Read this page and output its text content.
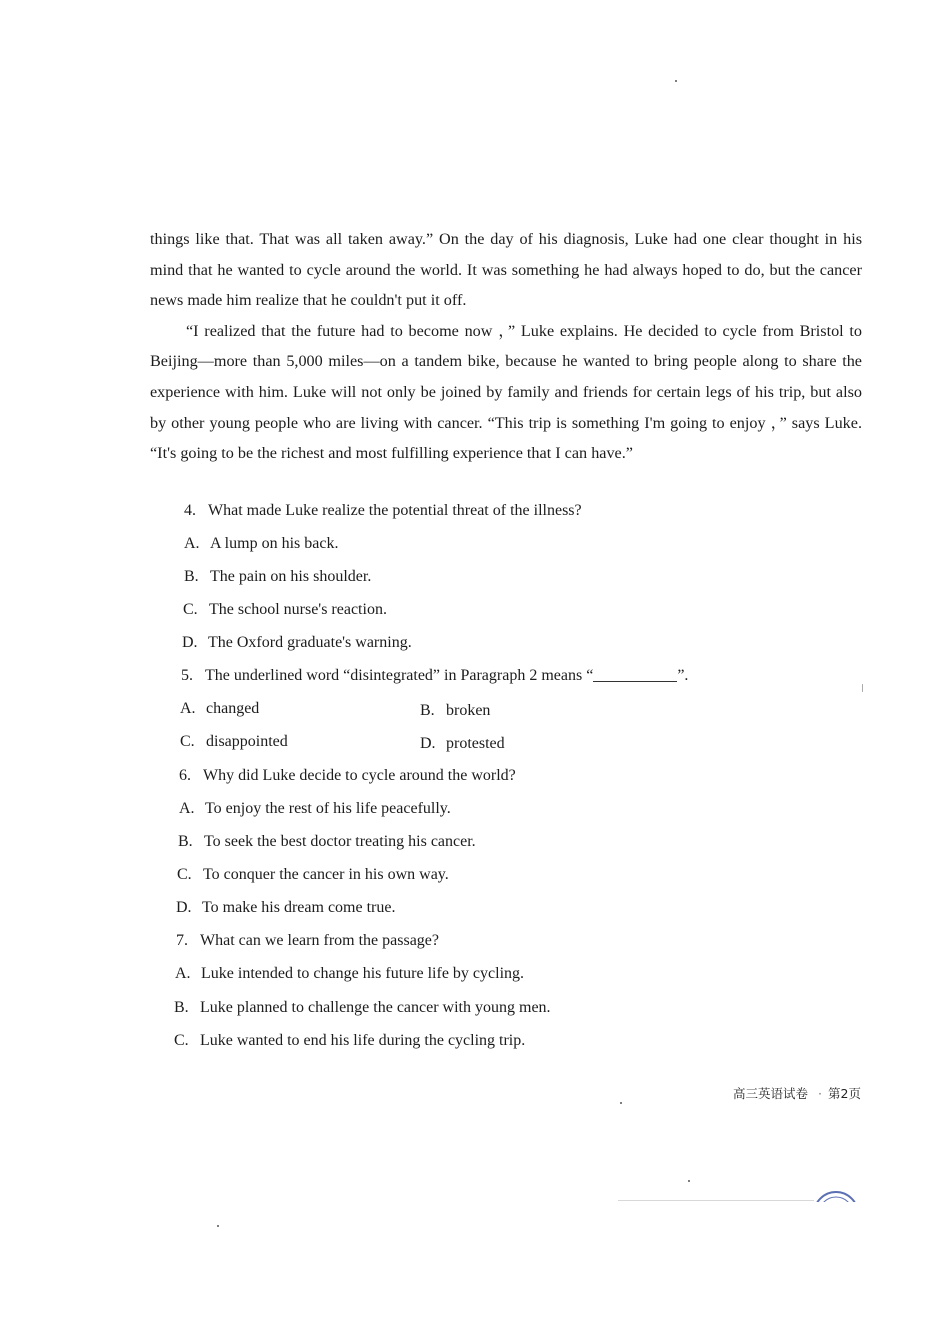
things like that. That was all taken away.” On the day of his diagnosis, Luke had one clear thought in his mind that he wanted to cycle around the world. It was something he had always hoped to do, but the cancer news made him realize that he couldn't put it off.

“I realized that the future had to become now ，” Luke explains. He decided to cycle from Bristol to Beijing—more than 5,000 miles—on a tandem bike, because he wanted to bring people along to share the experience with him. Luke will not only be joined by family and friends for certain legs of his trip, but also by other young people who are living with cancer. “This trip is something I'm going to enjoy ，” says Luke. “It's going to be the richest and most fulfilling experience that I can have.”

4. What made Luke realize the potential threat of the illness?
A. A lump on his back.
B. The pain on his shoulder.
C. The school nurse's reaction.
D. The Oxford graduate's warning.
5. The underlined word “disintegrated” in Paragraph 2 means “	”.
A. changed	B. broken
C. disappointed	D. protested
6. Why did Luke decide to cycle around the world?
A. To enjoy the rest of his life peacefully.
B. To seek the best doctor treating his cancer.
C. To conquer the cancer in his own way.
D. To make his dream come true.
7. What can we learn from the passage?
A. Luke intended to change his future life by cycling.
B. Luke planned to challenge the cancer with young men.
C. Luke wanted to end his life during the cycling trip.
高三英语试卷 · 第2页
